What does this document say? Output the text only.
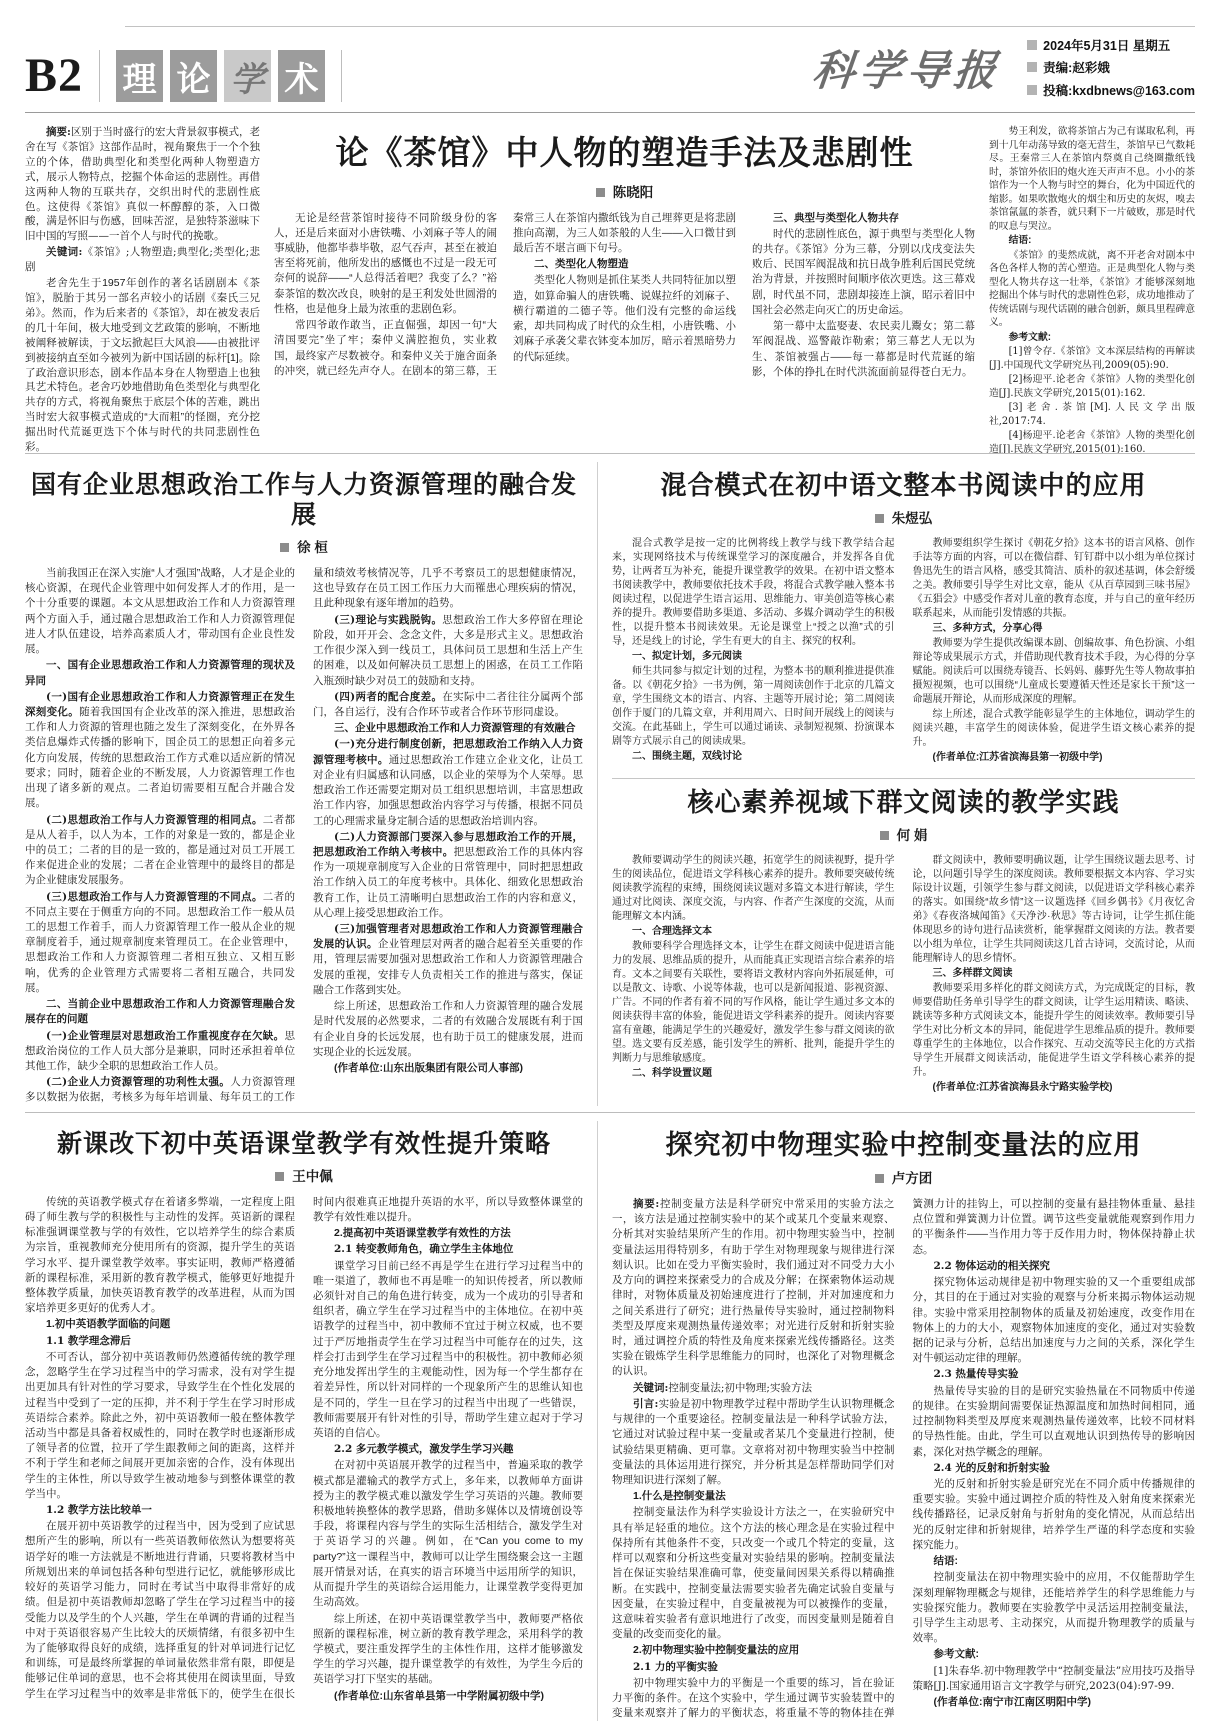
B2 理 论 学 术	科学导报
2024年5月31日 星期五
责编:赵彩娥
投稿:kxdbnews@163.com

摘要:区别于当时盛行的宏大背景叙事模式，老舍在写《茶馆》这部作品时，视角聚焦于一个个独立的个体，借助典型化和类型化两种人物塑造方式，展示人物特点，挖掘个体命运的悲剧性。再借这两种人物的互联共存，交织出时代的悲剧性底色。这使得《茶馆》真似一杯醇醇的茶，入口微酸，满是怀旧与伤感，回味苦涩，是独特茶滋味下旧中国的写照——一首个人与时代的挽歌。

关键词:《茶馆》;人物塑造;典型化;类型化;悲剧

老舍先生于1957年创作的著名话剧剧本《茶馆》，脱胎于其另一部名声较小的话剧《秦氏三兄弟》。然而，作为后来者的《茶馆》，却在被发表后的几十年间，极大地受到文艺政策的影响，不断地被阐释被解读，于文坛掀起巨大风浪——由被批评到被接纳直至如今被列为新中国话剧的标杆[1]。除了政治意识形态，剧本作品本身在人物塑造上也独具艺术特色。老舍巧妙地借助角色类型化与典型化共存的方式，将视角聚焦于底层个体的苦难，跳出当时宏大叙事模式造成的“大而粗”的怪圈，充分挖掘出时代荒诞更迭下个体与时代的共同悲剧性色彩。

论《茶馆》中人物的塑造手法及悲剧性
陈晓阳

无论是经营茶馆时接待不同阶级身份的客人，还是后来面对小唐铁嘴、小刘麻子等人的闹事威胁，他都毕恭毕敬，忍气吞声，甚至在被迫害至将死前，他所发出的感慨也不过是一段无可奈何的说辞——“人总得活着吧？我变了么？”裕泰茶馆的数次改良，映射的是王利发处世圆滑的性格，也是他身上最为浓重的悲剧色彩。

常四爷敢作敢当，正直倔强，却因一句“大清国要完”坐了牢；秦仲义满腔抱负，实业救国，最终家产尽数被夺。和秦仲义关于施舍面条的冲突，就已经先声夺人。在剧本的第三幕，王秦常三人在茶馆内撒纸钱为自己埋葬更是将悲剧推向高潮，为三人如茶般的人生——入口微甘到最后苦不堪言画下句号。

二、类型化人物塑造

类型化人物则是抓住某类人共同特征加以塑造，如算命骗人的唐铁嘴、说媒拉纤的刘麻子、横行霸道的二德子等。他们没有完整的命运线索，却共同构成了时代的众生相，小唐铁嘴、小刘麻子承袭父辈衣钵变本加厉，暗示着黑暗势力的代际延续。

三、典型与类型化人物共存

时代的悲剧性底色，源于典型与类型化人物的共存。《茶馆》分为三幕，分别以戊戌变法失败后、民国军阀混战和抗日战争胜利后国民党统治为背景，并按照时间顺序依次更迭。这三幕戏剧，时代虽不同，悲剧却接连上演，昭示着旧中国社会必然走向灭亡的历史命运。

第一幕中太监娶妻、农民卖儿鬻女；第二幕军阀混战、巡警敲诈勒索；第三幕艺人无以为生、茶馆被强占——每一幕都是时代荒诞的缩影，个体的挣扎在时代洪流面前显得苍白无力。

势王利发，欲将茶馆占为己有谋取私利，再到十几年动荡导致的毫无营生，茶馆早已气数耗尽。王秦常三人在茶馆内祭奠自己绕圈撒纸钱时，茶馆外依旧的炮火连天声声不息。小小的茶馆作为一个人物与时空的舞台，化为中国近代的缩影。如果吹散炮火的烟尘和历史的灰烬，嗅去茶馆氤氲的茶香，就只剩下一片破败，那是时代的叹息与哭泣。

结语:

《茶馆》的斐然成就，离不开老舍对剧本中各色各样人物的苦心塑造。正是典型化人物与类型化人物共存这一壮举，《茶馆》才能够深刻地挖掘出个体与时代的悲剧性色彩，成功地推动了传统话剧与现代话剧的融合创新，颇具里程碑意义。

参考文献:

[1]曾令存.《茶馆》文本深层结构的再解读[J].中国现代文学研究丛刊,2009(05):90.

[2]杨迎平.论老舍《茶馆》人物的类型化创造[J].民族文学研究,2015(01):162.

[3]老舍.茶馆[M].人民文学出版社,2017:74.

[4]杨迎平.论老舍《茶馆》人物的类型化创造[J].民族文学研究,2015(01):160.

国有企业思想政治工作与人力资源管理的融合发展
徐 桓

当前我国正在深入实施“人才强国”战略，人才是企业的核心资源，在现代企业管理中如何发挥人才的作用，是一个十分重要的课题。本文从思想政治工作和人力资源管理两个方面入手，通过融合思想政治工作和人力资源管理促进人才队伍建设，培养高素质人才，带动国有企业良性发展。

一、国有企业思想政治工作和人力资源管理的现状及异同

(一)国有企业思想政治工作和人力资源管理正在发生深刻变化。随着我国国有企业改革的深入推进，思想政治工作和人力资源的管理也随之发生了深刻变化，在外界各类信息爆炸式传播的影响下，国企员工的思想正向着多元化方向发展，传统的思想政治工作方式难以适应新的情况要求；同时，随着企业的不断发展，人力资源管理工作也出现了诸多新的观点。二者迫切需要相互配合并融合发展。

(二)思想政治工作与人力资源管理的相同点。二者都是从人着手，以人为本，工作的对象是一致的，都是企业中的员工；二者的目的是一致的，都是通过对员工开展工作来促进企业的发展；二者在企业管理中的最终目的都是为企业健康发展服务。

(三)思想政治工作与人力资源管理的不同点。二者的不同点主要在于侧重方向的不同。思想政治工作一般从员工的思想工作着手，而人力资源管理工作一般从企业的规章制度着手，通过规章制度来管理员工。在企业管理中，思想政治工作和人力资源管理二者相互独立、又相互影响，优秀的企业管理方式需要将二者相互融合，共同发展。

二、当前企业中思想政治工作和人力资源管理融合发展存在的问题

(一)企业管理层对思想政治工作重视度存在欠缺。思想政治岗位的工作人员大部分是兼职，同时还承担着单位其他工作，缺少全职的思想政治工作人员。

(二)企业人力资源管理的功利性太强。人力资源管理多以数据为依据，考核多为每年培训量、每年员工的工作量和绩效考核情况等，几乎不考察员工的思想健康情况，这也导致存在员工因工作压力大而罹患心理疾病的情况，且此种现象有逐年增加的趋势。

(三)理论与实践脱钩。思想政治工作大多停留在理论阶段，如开开会、念念文件，大多是形式主义。思想政治工作很少深入到一线员工，具体问员工思想和生活上产生的困难，以及如何解决员工思想上的困惑，在员工工作陷入瓶颈时缺少对员工的鼓励和支持。

(四)两者的配合度差。在实际中二者往往分属两个部门，各自运行，没有合作环节或者合作环节形同虚设。

三、企业中思想政治工作和人力资源管理的有效融合

(一)充分进行制度创新，把思想政治工作纳入人力资源管理考核中。通过思想政治工作建立企业文化，让员工对企业有归属感和认同感，以企业的荣辱为个人荣辱。思想政治工作还需要定期对员工组织思想培训，丰富思想政治工作内容，加强思想政治内容学习与传播，根据不同员工的心理需求量身定制合适的思想政治培训内容。

(二)人力资源部门要深入参与思想政治工作的开展，把思想政治工作纳入考核中。把思想政治工作的具体内容作为一项规章制度写入企业的日常管理中，同时把思想政治工作纳入员工的年度考核中。具体化、细致化思想政治教育工作，让员工清晰明白思想政治工作的内容和意义，从心理上接受思想政治工作。

(三)加强管理者对思想政治工作和人力资源管理融合发展的认识。企业管理层对两者的融合起着至关重要的作用，管理层需要加强对思想政治工作和人力资源管理融合发展的重视，安排专人负责相关工作的推进与落实，保证融合工作落到实处。

综上所述，思想政治工作和人力资源管理的融合发展是时代发展的必然要求，二者的有效融合发展既有利于国有企业自身的长远发展，也有助于员工的健康发展，进而实现企业的长远发展。

(作者单位:山东出版集团有限公司人事部)

混合模式在初中语文整本书阅读中的应用
朱煜弘

混合式教学是按一定的比例将线上教学与线下教学结合起来，实现网络技术与传统课堂学习的深度融合，并发挥各自优势，让两者互为补充，能提升课堂教学的效果。在初中语文整本书阅读教学中，教师要依托技术手段，将混合式教学融入整本书阅读过程，以促进学生语言运用、思维能力、审美创造等核心素养的提升。教师要借助多渠道、多活动、多媒介调动学生的积极性，以提升整本书阅读效果。无论是课堂上“授之以渔”式的引导，还是线上的讨论，学生有更大的自主、探究的权利。

一、拟定计划，多元阅读

师生共同参与拟定计划的过程，为整本书的顺利推进提供准备。以《朝花夕拾》一书为例，第一周阅读创作于北京的几篇文章，学生围绕文本的语言、内容、主题等开展讨论；第二周阅读创作于厦门的几篇文章，并利用周六、日时间开展线上的阅读与交流。在此基础上，学生可以通过诵读、录制短视频、扮演课本剧等方式展示自己的阅读成果。

二、围绕主题，双线讨论

教师要组织学生探讨《朝花夕拾》这本书的语言风格、创作手法等方面的内容，可以在微信群、钉钉群中以小组为单位探讨鲁迅先生的语言风格，感受其简洁、质朴的叙述基调，体会舒缓之美。教师要引导学生对比文章，能从《从百草园到三味书屋》《五猖会》中感受作者对儿童的教育态度，并与自己的童年经历联系起来，从而能引发情感的共振。

三、多种方式，分享心得

教师要为学生提供改编课本剧、创编故事、角色扮演、小组辩论等成果展示方式，并借助现代教育技术手段，为心得的分享赋能。阅读后可以围绕寿镜吾、长妈妈、藤野先生等人物故事拍摄短视频，也可以围绕“儿童成长要遵循天性还是家长干预”这一命题展开辩论，从而形成深度的理解。

综上所述，混合式教学能彰显学生的主体地位，调动学生的阅读兴趣，丰富学生的阅读体验，促进学生语文核心素养的提升。

(作者单位:江苏省滨海县第一初级中学)

核心素养视域下群文阅读的教学实践
何 娟

教师要调动学生的阅读兴趣，拓宽学生的阅读视野，提升学生的阅读品位，促进语文学科核心素养的提升。教师要突破传统阅读教学流程的束缚，围绕阅读议题对多篇文本进行解读，学生通过对比阅读、深度交流，与内容、作者产生深度的交流，从而能理解文本内涵。

一、合理选择文本

教师要科学合理选择文本，让学生在群文阅读中促进语言能力的发展、思维品质的提升，从而能真正实现语言综合素养的培育。文本之间要有关联性，要将语文教材内容向外拓展延伸，可以是散文、诗歌、小说等体裁，也可以是新闻报道、影视资源、广告。不同的作者有着不同的写作风格，能让学生通过多文本的阅读获得丰富的体验，能促进语文学科素养的提升。阅读内容要富有童趣，能满足学生的兴趣爱好，激发学生参与群文阅读的欲望。选文要有反差感，能引发学生的辨析、批判，能提升学生的判断力与思维敏感度。

二、科学设置议题

群文阅读中，教师要明确议题，让学生围绕议题去思考、讨论，以问题引导学生的深度阅读。教师要根据文本内容、学习实际设计议题，引领学生参与群文阅读，以促进语文学科核心素养的落实。如围绕“故乡情”这一议题选择《回乡偶书》《月夜忆舍弟》《春夜洛城闻笛》《天净沙·秋思》等古诗词，让学生抓住能体现思乡的诗句进行品读赏析，能掌握群文阅读的方法。教者要以小组为单位，让学生共同阅读这几首古诗词，交流讨论，从而能理解诗人的思乡情怀。

三、多样群文阅读

教师要采用多样化的群文阅读方式，为完成既定的目标，教师要借助任务单引导学生的群文阅读，让学生运用精读、略读、跳读等多种方式阅读文本，能提升学生的阅读效率。教师要引导学生对比分析文本的异同，能促进学生思维品质的提升。教师要尊重学生的主体地位，以合作探究、互动交流等民主化的方式指导学生开展群文阅读活动，能促进学生语文学科核心素养的提升。

(作者单位:江苏省滨海县永宁路实验学校)

新课改下初中英语课堂教学有效性提升策略
王中佩

传统的英语教学模式存在着诸多弊端，一定程度上阻碍了师生教与学的积极性与主动性的发挥。英语新的课程标准强调课堂教与学的有效性，它以培养学生的综合素质为宗旨，重视教师充分使用所有的资源，提升学生的英语学习水平、提升课堂教学效率。事实证明，教师严格遵循新的课程标准，采用新的教育教学模式，能够更好地提升整体教学质量，加快英语教育教学的改革进程，从而为国家培养更多更好的优秀人才。

1.初中英语教学面临的问题

1.1 教学理念滞后

不可否认，部分初中英语教师仍然遵循传统的教学理念，忽略学生在学习过程当中的学习需求，没有对学生提出更加具有针对性的学习要求，导致学生在个性化发展的过程当中受到了一定的压抑，并不利于学生在学习时形成英语综合素养。除此之外，初中英语教师一般在整体教学活动当中都是具备着权威性的，同时在教学时也逐渐形成了领导者的位置，拉开了学生跟教师之间的距离，这样并不利于学生和老师之间展开更加亲密的合作，没有体现出学生的主体性，所以导致学生被动地参与到整体课堂的教学当中。

1.2 教学方法比较单一

在展开初中英语教学的过程当中，因为受到了应试思想所产生的影响，所以有一些英语教师依然认为想要将英语学好的唯一方法就是不断地进行背诵，只要将教材当中所规划出来的单词包括各种句型进行记忆，就能够形成比较好的英语学习能力，同时在考试当中取得非常好的成绩。但是初中英语教师却忽略了学生在学习过程当中的接受能力以及学生的个人兴趣，学生在单调的背诵的过程当中对于英语很容易产生比较大的厌烦情绪，有很多初中生为了能够取得良好的成绩，选择重复的针对单词进行记忆和训练，可是最终所掌握的单词量依然非常有限，即便是能够记住单词的意思，也不会将其使用在阅读里面，导致学生在学习过程当中的效率是非常低下的，使学生在很长时间内很难真正地提升英语的水平，所以导致整体课堂的教学有效性难以提升。

2.提高初中英语课堂教学有效性的方法

2.1 转变教师角色，确立学生主体地位

课堂学习目前已经不再是学生在进行学习过程当中的唯一渠道了，教师也不再是唯一的知识传授者，所以教师必须针对自己的角色进行转变，成为一个成功的引导者和组织者，确立学生在学习过程当中的主体地位。在初中英语教学的过程当中，初中教师不宜过于树立权威，也不要过于严厉地指责学生在学习过程当中可能存在的过失，这样会打击到学生在学习过程当中的积极性。初中教师必须充分地发挥出学生的主观能动性，因为每一个学生都存在着差异性，所以针对同样的一个现象所产生的思维认知也是不同的，学生一旦在学习的过程当中出现了一些错误，教师需要展开有针对性的引导，帮助学生建立起对于学习英语的自信心。

2.2 多元教学模式，激发学生学习兴趣

在对初中英语展开教学的过程当中，普遍采取的教学模式都是灌输式的教学方式上，多年来，以教师单方面讲授为主的教学模式难以激发学生学习英语的兴趣。教师要积极地转换整体的教学思路，借助多媒体以及情境创设等手段，将课程内容与学生的实际生活相结合，激发学生对于英语学习的兴趣。例如，在“Can you come to my party?”这一课程当中，教师可以让学生围绕聚会这一主题展开情景对话，在真实的语言环境当中运用所学的知识，从而提升学生的英语综合运用能力，让课堂教学变得更加生动高效。

综上所述，在初中英语课堂教学当中，教师要严格依照新的课程标准，树立新的教育教学理念，采用科学的教学模式，要注重发挥学生的主体性作用，这样才能够激发学生的学习兴趣，提升课堂教学的有效性，为学生今后的英语学习打下坚实的基础。

(作者单位:山东省单县第一中学附属初级中学)

探究初中物理实验中控制变量法的应用
卢方团

摘要:控制变量方法是科学研究中常采用的实验方法之一，该方法是通过控制实验中的某个或某几个变量来观察、分析其对实验结果所产生的作用。初中物理实验当中，控制变量法运用得特别多，有助于学生对物理现象与规律进行深刻认识。比如在受力平衡实验时，我们通过对不同受力大小及方向的调控来探索受力的合成及分解；在探索物体运动规律时，对物体质量及初始速度进行了控制，并对加速度和力之间关系进行了研究；进行热量传导实验时，通过控制物料类型及厚度来观测热量传递效率；对光进行反射和折射实验时，通过调控介质的特性及角度来探索光线传播路径。这类实验在锻炼学生科学思维能力的同时，也深化了对物理概念的认识。

关键词:控制变量法;初中物理;实验方法

引言:实验是初中物理教学过程中帮助学生认识物理概念与规律的一个重要途径。控制变量法是一种科学试验方法，它通过对试验过程中某一变量或者某几个变量进行控制，使试验结果更精确、更可靠。文章将对初中物理实验当中控制变量法的具体运用进行探究，并分析其是怎样帮助同学们对物理知识进行深刻了解。

1.什么是控制变量法

控制变量法作为科学实验设计方法之一，在实验研究中具有举足轻重的地位。这个方法的核心理念是在实验过程中保持所有其他条件不变，只改变一个或几个特定的变量，这样可以观察和分析这些变量对实验结果的影响。控制变量法旨在保证实验结果准确可靠，使变量间因果关系得以精确推断。在实践中，控制变量法需要实验者先确定试验自变量与因变量，在实验过程中，自变量被视为可以被操作的变量，这意味着实验者有意识地进行了改变，而因变量则是随着自变量的改变而变化的量。

2.初中物理实验中控制变量法的应用

2.1 力的平衡实验

初中物理实验中力的平衡是一个重要的练习，旨在验证力平衡的条件。在这个实验中，学生通过调节实验装置中的变量来观察并了解力的平衡状态，将重量不等的物体挂在弹簧测力计的挂钩上，可以控制的变量有悬挂物体重量、悬挂点位置和弹簧测力计位置。调节这些变量就能观察到作用力的平衡条件——当作用力等于反作用力时，物体保持静止状态。

2.2 物体运动的相关探究

探究物体运动规律是初中物理实验的又一个重要组成部分，其目的在于通过对实验的观察与分析来揭示物体运动规律。实验中常采用控制物体的质量及初始速度，改变作用在物体上的力的大小，观察物体加速度的变化，通过对实验数据的记录与分析，总结出加速度与力之间的关系，深化学生对牛顿运动定律的理解。

2.3 热量传导实验

热量传导实验的目的是研究实验热量在不同物质中传递的规律。在实验期间需要保证热源温度和加热时间相同，通过控制物料类型及厚度来观测热量传递效率，比较不同材料的导热性能。由此，学生可以直观地认识到热传导的影响因素，深化对热学概念的理解。

2.4 光的反射和折射实验

光的反射和折射实验是研究光在不同介质中传播规律的重要实验。实验中通过调控介质的特性及入射角度来探索光线传播路径，记录反射角与折射角的变化情况，从而总结出光的反射定律和折射规律，培养学生严谨的科学态度和实验探究能力。

结语:

控制变量法在初中物理实验中的应用，不仅能帮助学生深刻理解物理概念与规律，还能培养学生的科学思维能力与实验探究能力。教师要在实验教学中灵活运用控制变量法，引导学生主动思考、主动探究，从而提升物理教学的质量与效率。

参考文献:

[1]朱春华.初中物理教学中“控制变量法”应用技巧及指导策略[J].国家通用语言文字教学与研究,2023(04):97-99.

(作者单位:南宁市江南区明阳中学)
